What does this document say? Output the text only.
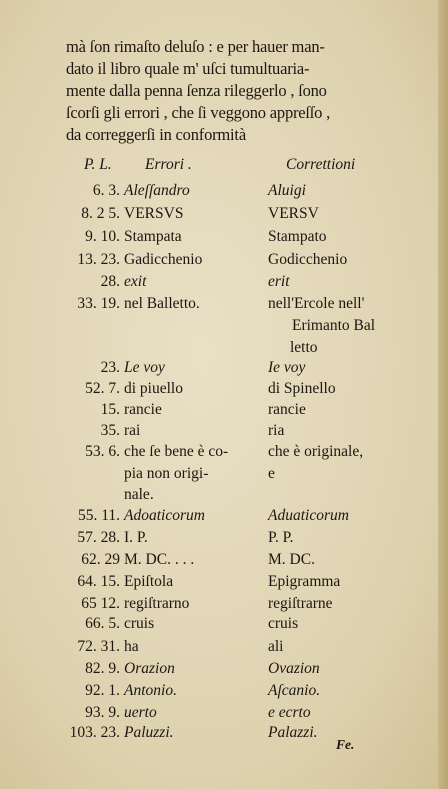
mà ſon rimaſto deluſo : e per hauer man-
dato il libro quale m' uſci tumultuaria-
mente dalla penna ſenza rileggerlo , ſono
ſcorſi gli errori , che ſi veggono appreſſo ,
da correggerſi in conformità
P. L. Errori .	Correttioni
6. 3. Aleſſandro	Aluigi
8. 2 5. VERSVS	VERSV
9. 10. Stampata	Stampato
13. 23. Gadicchenio	Godicchenio
28. exit	erit
33. 19. nel Balletto.	nell'Ercole nell'
Erimanto Bal
letto
23. Le voy	Ie voy
52. 7. di piuello	di Spinello
15. rancie	rancie
35. rai	ria
53. 6. che ſe bene è co-	che è originale,
pia non origi-	e
nale.
55. 11. Adoaticorum	Aduaticorum
57. 28. I. P.	P. P.
62. 29 M. DC. . . .	M. DC.
64. 15. Epiſtola	Epigramma
65 12. regiſtrarno	regiſtrarne
66. 5. cruis	cruis
72. 31. ha	ali
82. 9. Orazion	Ovazion
92. 1. Antonio.	Aſcanio.
93. 9. uerto	e ecrto
103. 23. Paluzzi.	Palazzi.
Fe.
